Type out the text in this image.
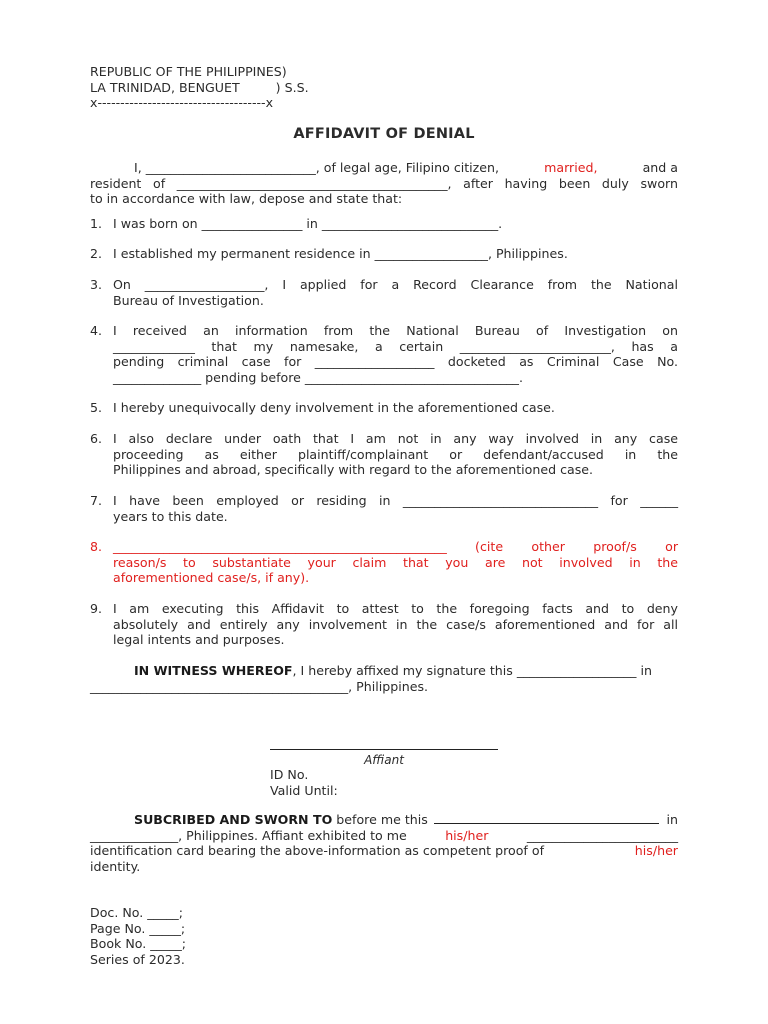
REPUBLIC OF THE PHILIPPINES)
LA TRINIDAD, BENGUET         ) S.S.
x-------------------------------------x
AFFIDAVIT OF DENIAL
I, ___________________________, of legal age, Filipino citizen,	married,	and a
resident of ___________________________________________, after having been duly sworn
to in accordance with law, depose and state that:
1. I was born on ________________ in ____________________________.
2. I established my permanent residence in __________________, Philippines.
3. On ___________________, I applied for a Record Clearance from the National
Bureau of Investigation.
4. I received an information from the National Bureau of Investigation on
_____________ that my namesake, a certain ________________________, has a
pending criminal case for ___________________ docketed as Criminal Case No.
______________ pending before __________________________________.
5. I hereby unequivocally deny involvement in the aforementioned case.
6. I also declare under oath that I am not in any way involved in any case
proceeding as either plaintiff/complainant or defendant/accused in the
Philippines and abroad, specifically with regard to the aforementioned case.
7. I have been employed or residing in _______________________________ for ______
years to this date.
8. _____________________________________________________ (cite other proof/s or
reason/s to substantiate your claim that you are not involved in the
aforementioned case/s, if any).
9. I am executing this Affidavit to attest to the foregoing facts and to deny
absolutely and entirely any involvement in the case/s aforementioned and for all
legal intents and purposes.
IN WITNESS WHEREOF, I hereby affixed my signature this ___________________ in
_________________________________________, Philippines.
Affiant
ID No.
Valid Until:
SUBCRIBED AND SWORN TO before me this	in
______________, Philippines. Affiant exhibited to me	his/her	________________________
identification card bearing the above-information as competent proof of	his/her
identity.
Doc. No. _____;
Page No. _____;
Book No. _____;
Series of 2023.
